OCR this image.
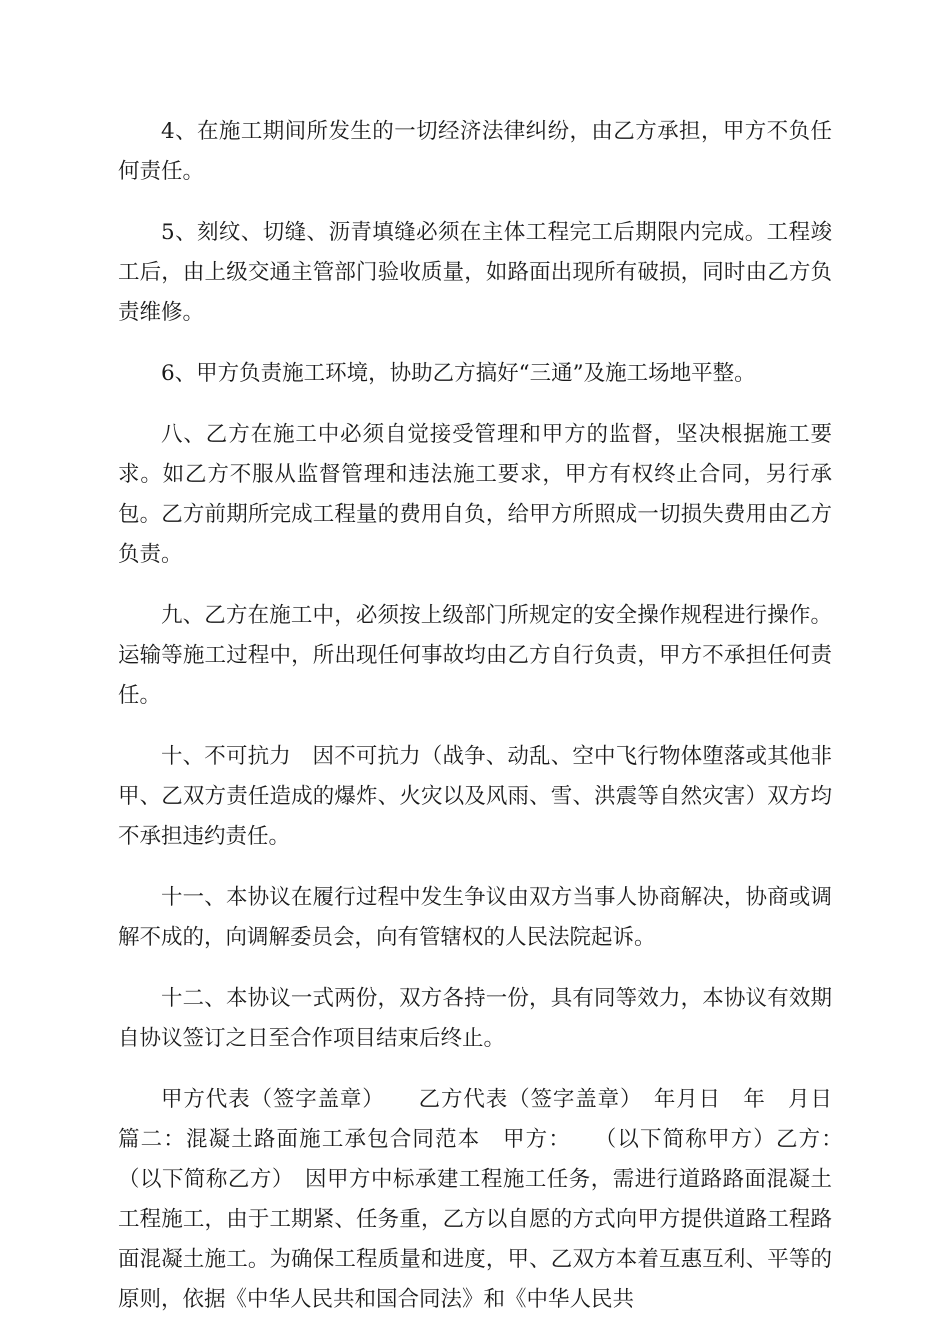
4、在施工期间所发生的一切经济法律纠纷，由乙方承担，甲方不负任何责任。

5、刻纹、切缝、沥青填缝必须在主体工程完工后期限内完成。工程竣工后，由上级交通主管部门验收质量，如路面出现所有破损，同时由乙方负责维修。

6、甲方负责施工环境，协助乙方搞好“三通”及施工场地平整。

八、乙方在施工中必须自觉接受管理和甲方的监督，坚决根据施工要求。如乙方不服从监督管理和违法施工要求，甲方有权终止合同，另行承包。乙方前期所完成工程量的费用自负，给甲方所照成一切损失费用由乙方负责。

九、乙方在施工中，必须按上级部门所规定的安全操作规程进行操作。运输等施工过程中，所出现任何事故均由乙方自行负责，甲方不承担任何责任。

十、不可抗力　因不可抗力（战争、动乱、空中飞行物体堕落或其他非甲、乙双方责任造成的爆炸、火灾以及风雨、雪、洪震等自然灾害）双方均不承担违约责任。

十一、本协议在履行过程中发生争议由双方当事人协商解决，协商或调解不成的，向调解委员会，向有管辖权的人民法院起诉。

十二、本协议一式两份，双方各持一份，具有同等效力，本协议有效期自协议签订之日至合作项目结束后终止。

甲方代表（签字盖章）　　乙方代表（签字盖章）　年月日　年　月日　篇二：混凝土路面施工承包合同范本　甲方：　　（以下简称甲方）乙方：　　（以下简称乙方）　因甲方中标承建工程施工任务，需进行道路路面混凝土工程施工，由于工期紧、任务重，乙方以自愿的方式向甲方提供道路工程路面混凝土施工。为确保工程质量和进度，甲、乙双方本着互惠互利、平等的原则，依据《中华人民共和国合同法》和《中华人民共
